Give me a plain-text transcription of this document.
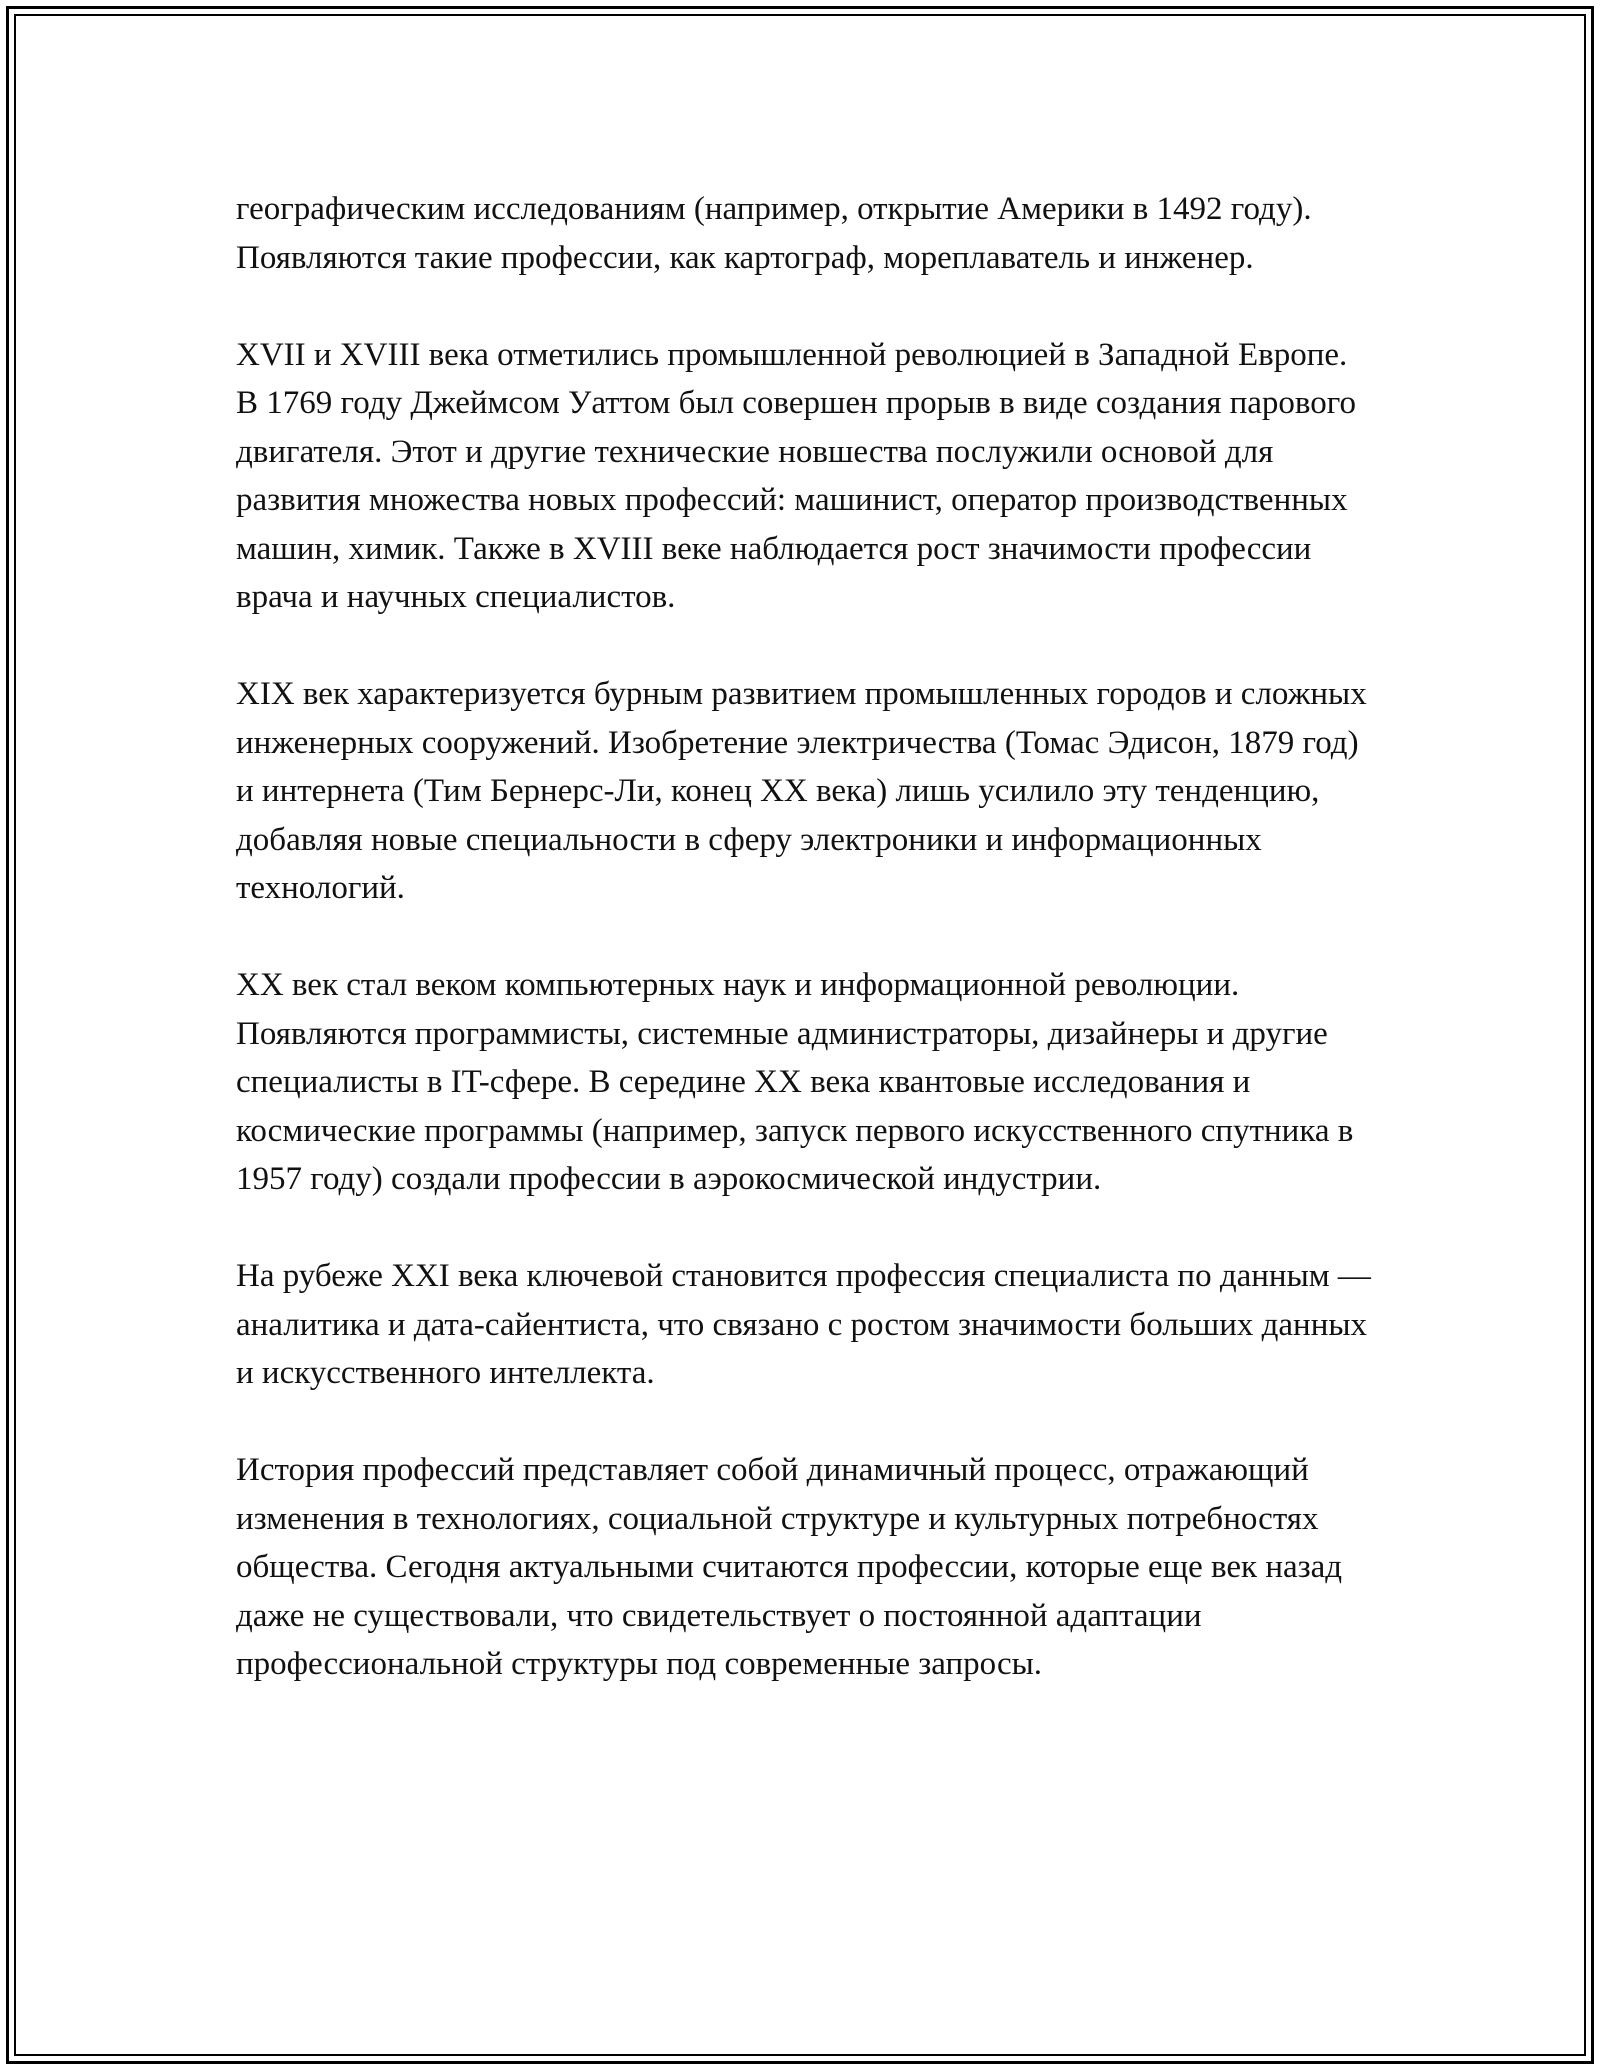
географическим исследованиям (например, открытие Америки в 1492 году). Появляются такие профессии, как картограф, мореплаватель и инженер.

XVII и XVIII века отметились промышленной революцией в Западной Европе. В 1769 году Джеймсом Уаттом был совершен прорыв в виде создания парового двигателя. Этот и другие технические новшества послужили основой для развития множества новых профессий: машинист, оператор производственных машин, химик. Также в XVIII веке наблюдается рост значимости профессии врача и научных специалистов.

XIX век характеризуется бурным развитием промышленных городов и сложных инженерных сооружений. Изобретение электричества (Томас Эдисон, 1879 год) и интернета (Тим Бернерс-Ли, конец XX века) лишь усилило эту тенденцию, добавляя новые специальности в сферу электроники и информационных технологий.

XX век стал веком компьютерных наук и информационной революции. Появляются программисты, системные администраторы, дизайнеры и другие специалисты в IT-сфере. В середине XX века квантовые исследования и космические программы (например, запуск первого искусственного спутника в 1957 году) создали профессии в аэрокосмической индустрии.

На рубеже XXI века ключевой становится профессия специалиста по данным — аналитика и дата-сайентиста, что связано с ростом значимости больших данных и искусственного интеллекта.

История профессий представляет собой динамичный процесс, отражающий изменения в технологиях, социальной структуре и культурных потребностях общества. Сегодня актуальными считаются профессии, которые еще век назад даже не существовали, что свидетельствует о постоянной адаптации профессиональной структуры под современные запросы.
